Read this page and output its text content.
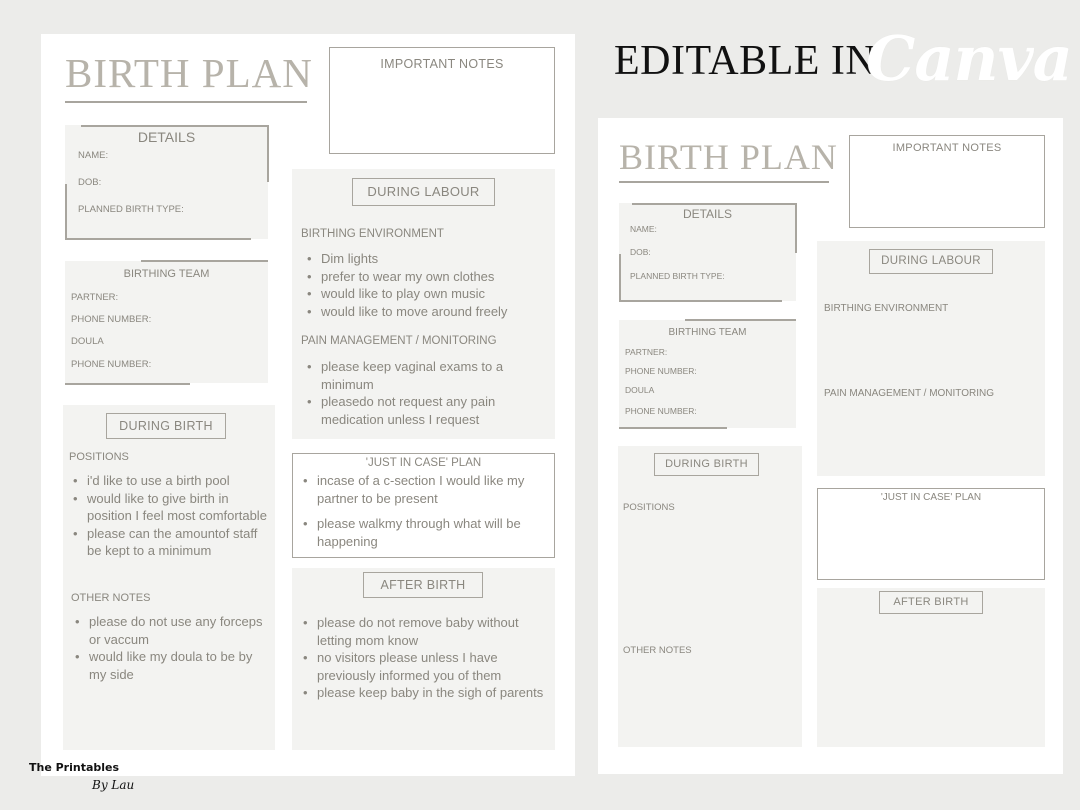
BIRTH PLAN	IMPORTANT NOTES
DETAILS
NAME:
DOB:
PLANNED BIRTH TYPE:
BIRTHING TEAM
PARTNER:
PHONE NUMBER:
DOULA
PHONE NUMBER:
DURING BIRTH
POSITIONS
• i'd like to use a birth pool
• would like to give birth in position I feel most comfortable
• please can the amountof staff be kept to a minimum
OTHER NOTES
• please do not use any forceps or vaccum
• would like my doula to be by my side
DURING LABOUR
BIRTHING ENVIRONMENT
• Dim lights
• prefer to wear my own clothes
• would like to play own music
• would like to move around freely
PAIN MANAGEMENT / MONITORING
• please keep vaginal exams to a minimum
• pleasedo not request any pain medication unless I request
'JUST IN CASE' PLAN
• incase of a c-section I would like my partner to be present
• please walkmy through what will be happening
AFTER BIRTH
• please do not remove baby without letting mom know
• no visitors please unless I have previously informed you of them
• please keep baby in the sigh of parents
EDITABLE IN
Canva
BIRTH PLAN	IMPORTANT NOTES
DETAILS
NAME:
DOB:
PLANNED BIRTH TYPE:
BIRTHING TEAM
PARTNER:
PHONE NUMBER:
DOULA
PHONE NUMBER:
DURING BIRTH
POSITIONS
OTHER NOTES
DURING LABOUR
BIRTHING ENVIRONMENT
PAIN MANAGEMENT / MONITORING
'JUST IN CASE' PLAN
AFTER BIRTH
The Printables
By Lau
